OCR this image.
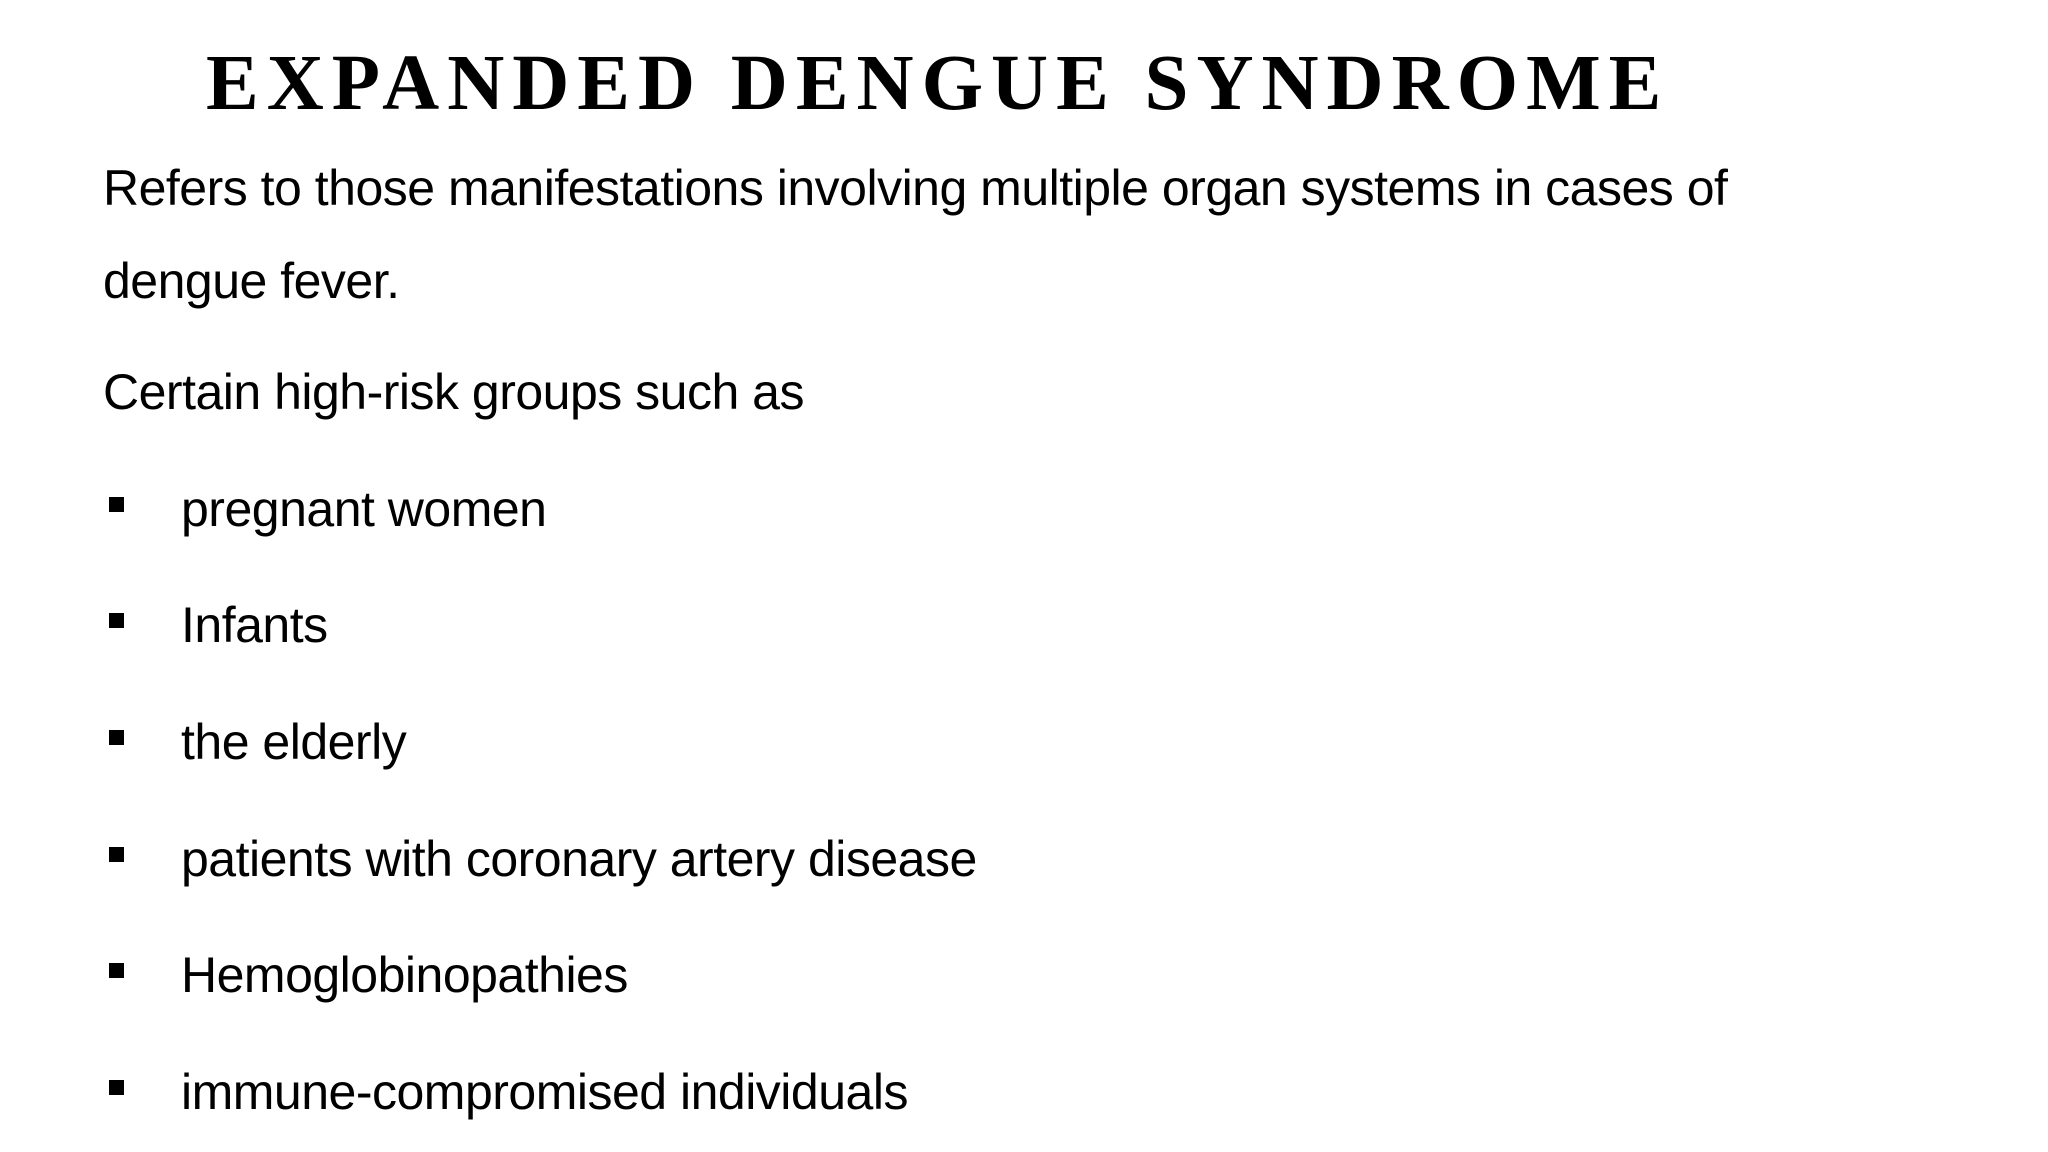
EXPANDED DENGUE SYNDROME

Refers to those manifestations involving multiple organ systems in cases of dengue fever.

Certain high-risk groups such as

pregnant women
Infants
the elderly
patients with coronary artery disease
Hemoglobinopathies
immune-compromised individuals
